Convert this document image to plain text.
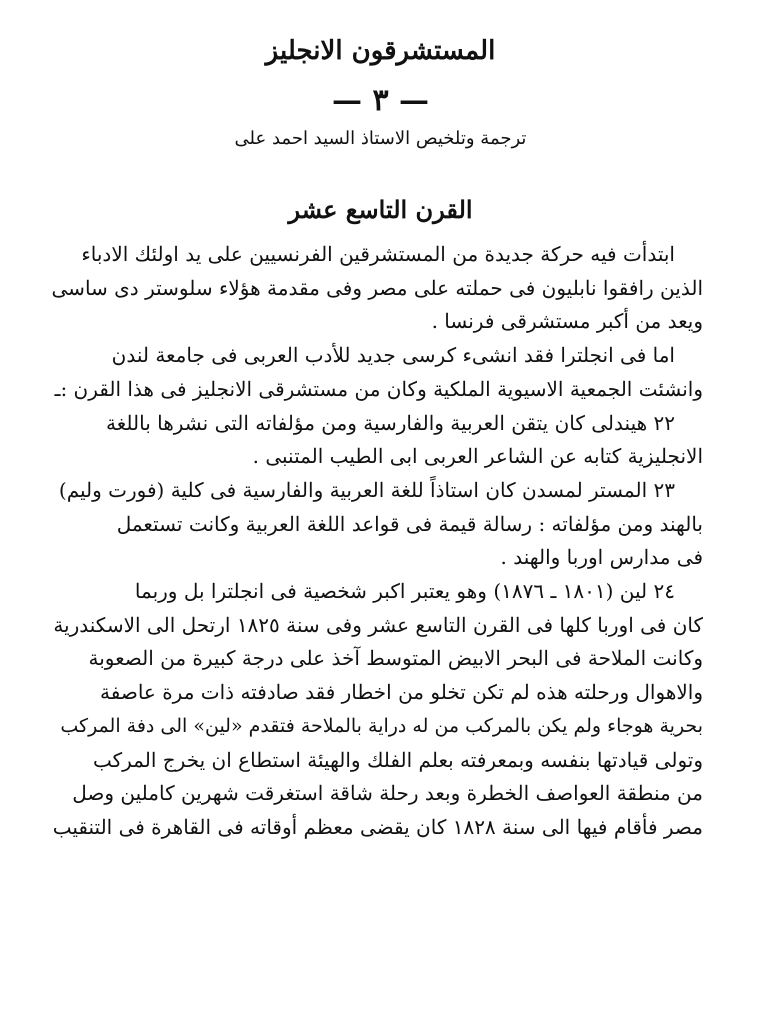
المستشرقون الانجليز
— ٣ —
ترجمة وتلخيص الاستاذ السيد احمد على
القرن التاسع عشر
ابتدأت فيه حركة جديدة من المستشرقين الفرنسيين على يد اولئك الادباء
الذين رافقوا نابليون فى حملته على مصر وفى مقدمة هؤلاء سلوستر دى ساسى
ويعد من أكبر مستشرقى فرنسا .
اما فى انجلترا فقد انشىء كرسى جديد للأدب العربى فى جامعة لندن
وانشئت الجمعية الاسيوية الملكية وكان من مستشرقى الانجليز فى هذا القرن :ـ
٢٢ هيندلى كان يتقن العربية والفارسية ومن مؤلفاته التى نشرها باللغة
الانجليزية كتابه عن الشاعر العربى ابى الطيب المتنبى .
٢٣ المستر لمسدن كان استاذاً للغة العربية والفارسية فى كلية (فورت وليم)
بالهند ومن مؤلفاته : رسالة قيمة فى قواعد اللغة العربية وكانت تستعمل
فى مدارس اوربا والهند .
٢٤ لين (١٨٠١ ـ ١٨٧٦) وهو يعتبر اكبر شخصية فى انجلترا بل وربما
كان فى اوربا كلها فى القرن التاسع عشر وفى سنة ١٨٢٥ ارتحل الى الاسكندرية
وكانت الملاحة فى البحر الابيض المتوسط آخذ على درجة كبيرة من الصعوبة
والاهوال ورحلته هذه لم تكن تخلو من اخطار فقد صادفته ذات مرة عاصفة
بحرية هوجاء ولم يكن بالمركب من له دراية بالملاحة فتقدم «لين» الى دفة المركب
وتولى قيادتها بنفسه وبمعرفته بعلم الفلك والهيئة استطاع ان يخرج المركب
من منطقة العواصف الخطرة وبعد رحلة شاقة استغرقت شهرين كاملين وصل
مصر فأقام فيها الى سنة ١٨٢٨ كان يقضى معظم أوقاته فى القاهرة فى التنقيب
